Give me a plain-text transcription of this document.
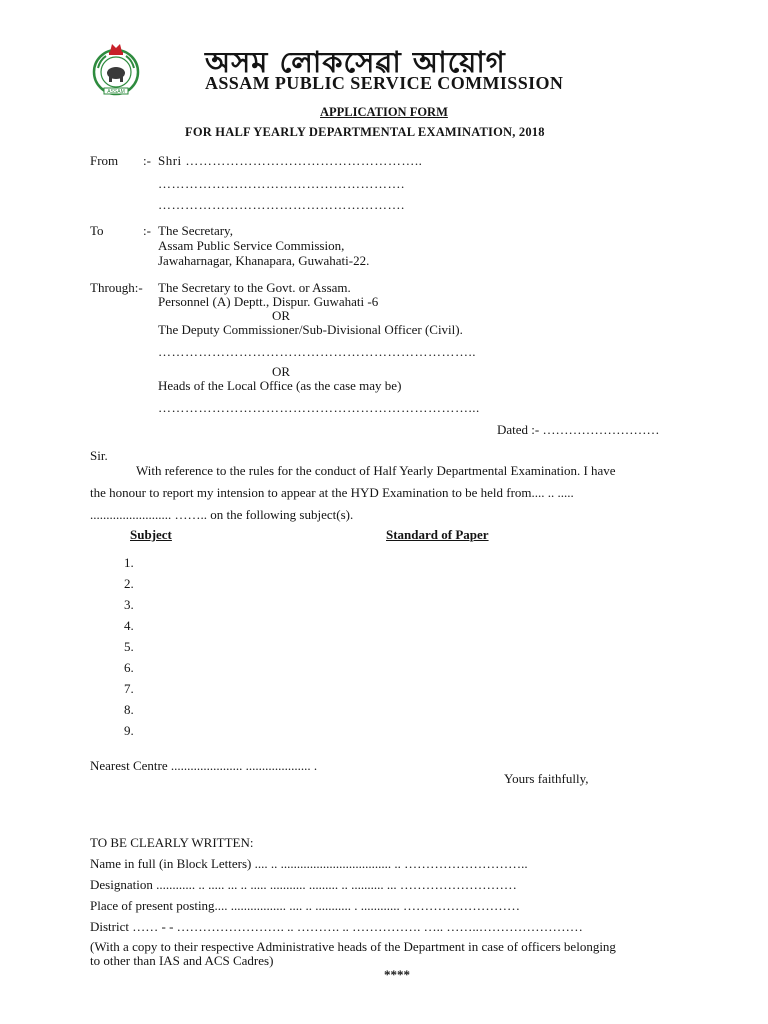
ASSAM
অসম লোকসেৱা আয়োগ
ASSAM PUBLIC SERVICE COMMISSION
APPLICATION FORM
FOR HALF YEARLY DEPARTMENTAL EXAMINATION, 2018
From :- Shri ……………………………………………..
……………………………………………….
……………………………………………….
To	:- The Secretary,
Assam Public Service Commission,
Jawaharnagar, Khanapara, Guwahati-22.
Through:- The Secretary to the Govt. or Assam.
Personnel (A) Deptt., Dispur. Guwahati -6
OR
The Deputy Commissioner/Sub-Divisional Officer (Civil).
……………………………………………………………..
OR
Heads of the Local Office (as the case may be)
……………………………………………………………...
Dated :- ………………………
Sir.
With reference to the rules for the conduct of Half Yearly Departmental Examination. I have
the honour to report my intension to appear at the HYD Examination to be held from.... .. .....
......................... …….. on the following subject(s).
Subject	Standard of Paper
1.
2.
3.
4.
5.
6.
7.
8.
9.
Nearest Centre ...................... .................... .
Yours faithfully,
TO BE CLEARLY WRITTEN:
Name in full (in Block Letters) .... .. .................................. .. ………………………..
Designation ............ .. ..... ... .. ..... ........... ......... .. .......... ... ………………………
Place of present posting.... ................. .... .. ........... . ............ ………………………
District …… - - ……………………. .. ………. .. ……………. ….. ……..……………………
(With a copy to their respective Administrative heads of the Department in case of officers belonging
to other than IAS and ACS Cadres)
****
